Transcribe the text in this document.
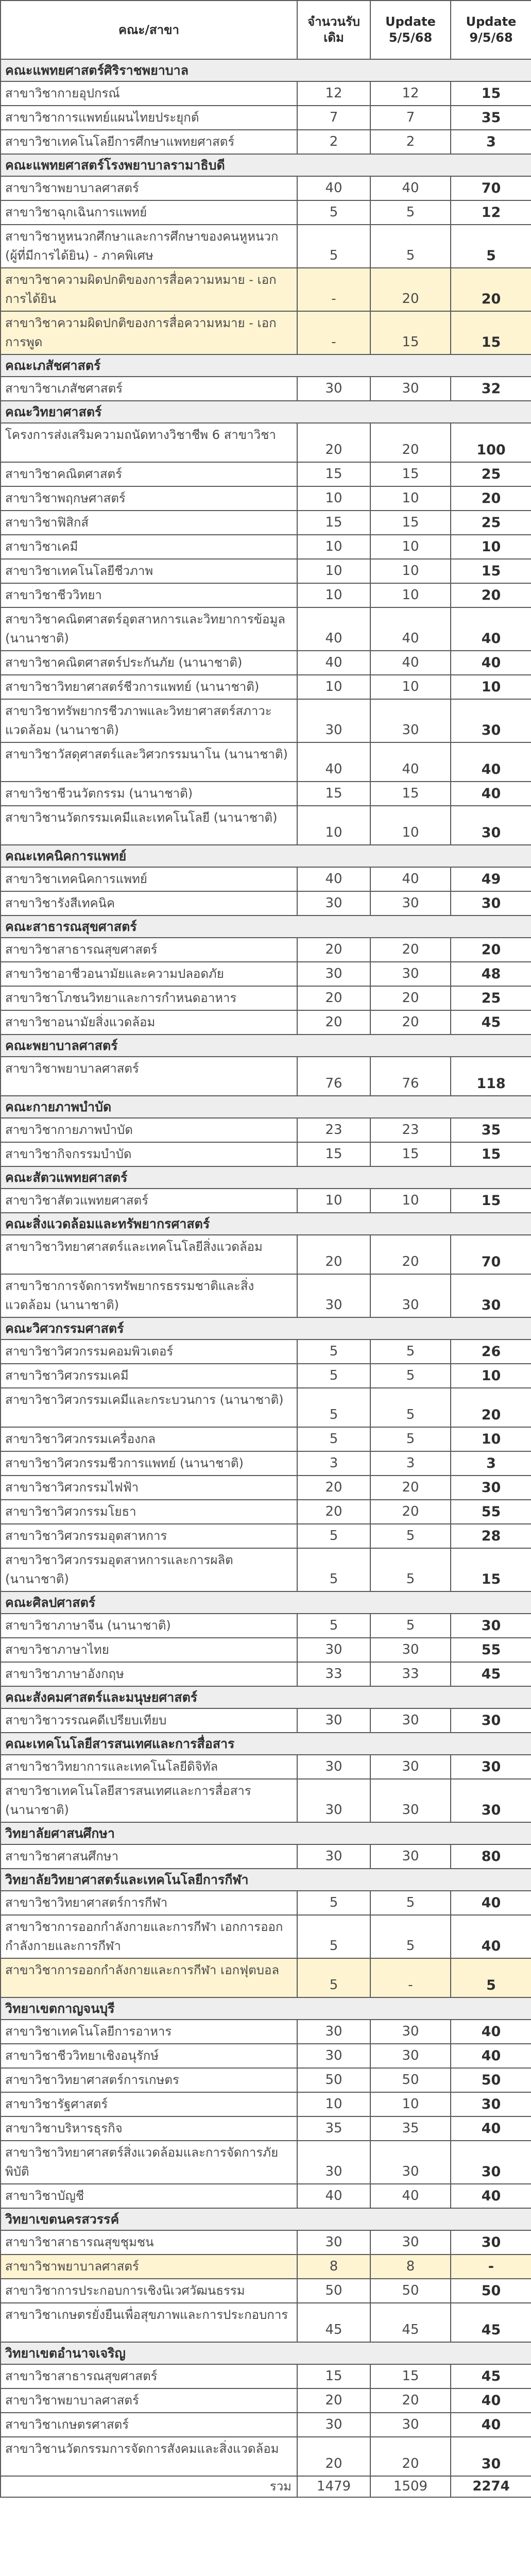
คณะ/สาขา	จำนวนรับเดิม	Update 5/5/68	Update 9/5/68
คณะแพทยศาสตร์ศิริราชพยาบาล			
สาขาวิชากายอุปกรณ์	12	12	15
สาขาวิชาการแพทย์แผนไทยประยุกต์	7	7	35
สาขาวิชาเทคโนโลยีการศึกษาแพทยศาสตร์	2	2	3
คณะแพทยศาสตร์โรงพยาบาลรามาธิบดี			
สาขาวิชาพยาบาลศาสตร์	40	40	70
สาขาวิชาฉุกเฉินการแพทย์	5	5	12
สาขาวิชาหูหนวกศึกษาและการศึกษาของคนหูหนวก (ผู้ที่มีการได้ยิน) - ภาคพิเศษ	5	5	5
สาขาวิชาความผิดปกติของการสื่อความหมาย - เอกการได้ยิน	-	20	20
สาขาวิชาความผิดปกติของการสื่อความหมาย - เอกการพูด	-	15	15
คณะเภสัชศาสตร์			
สาขาวิชาเภสัชศาสตร์	30	30	32
คณะวิทยาศาสตร์			
โครงการส่งเสริมความถนัดทางวิชาชีพ 6 สาขาวิชา	20	20	100
สาขาวิชาคณิตศาสตร์	15	15	25
สาขาวิชาพฤกษศาสตร์	10	10	20
สาขาวิชาฟิสิกส์	15	15	25
สาขาวิชาเคมี	10	10	10
สาขาวิชาเทคโนโลยีชีวภาพ	10	10	15
สาขาวิชาชีววิทยา	10	10	20
สาขาวิชาคณิตศาสตร์อุตสาหการและวิทยาการข้อมูล (นานาชาติ)	40	40	40
สาขาวิชาคณิตศาสตร์ประกันภัย (นานาชาติ)	40	40	40
สาขาวิชาวิทยาศาสตร์ชีวการแพทย์ (นานาชาติ)	10	10	10
สาขาวิชาทรัพยากรชีวภาพและวิทยาศาสตร์สภาวะแวดล้อม (นานาชาติ)	30	30	30
สาขาวิชาวัสดุศาสตร์และวิศวกรรมนาโน (นานาชาติ)	40	40	40
สาขาวิชาชีวนวัตกรรม (นานาชาติ)	15	15	40
สาขาวิชานวัตกรรมเคมีและเทคโนโลยี (นานาชาติ)	10	10	30
คณะเทคนิคการแพทย์			
สาขาวิชาเทคนิคการแพทย์	40	40	49
สาขาวิชารังสีเทคนิค	30	30	30
คณะสาธารณสุขศาสตร์			
สาขาวิชาสาธารณสุขศาสตร์	20	20	20
สาขาวิชาอาชีวอนามัยและความปลอดภัย	30	30	48
สาขาวิชาโภชนวิทยาและการกำหนดอาหาร	20	20	25
สาขาวิชาอนามัยสิ่งแวดล้อม	20	20	45
คณะพยาบาลศาสตร์			
สาขาวิชาพยาบาลศาสตร์	76	76	118
คณะกายภาพบำบัด			
สาขาวิชากายภาพบำบัด	23	23	35
สาขาวิชากิจกรรมบำบัด	15	15	15
คณะสัตวแพทยศาสตร์			
สาขาวิชาสัตวแพทยศาสตร์	10	10	15
คณะสิ่งแวดล้อมและทรัพยากรศาสตร์			
สาขาวิชาวิทยาศาสตร์และเทคโนโลยีสิ่งแวดล้อม	20	20	70
สาขาวิชาการจัดการทรัพยากรธรรมชาติและสิ่งแวดล้อม (นานาชาติ)	30	30	30
คณะวิศวกรรมศาสตร์			
สาขาวิชาวิศวกรรมคอมพิวเตอร์	5	5	26
สาขาวิชาวิศวกรรมเคมี	5	5	10
สาขาวิชาวิศวกรรมเคมีและกระบวนการ (นานาชาติ)	5	5	20
สาขาวิชาวิศวกรรมเครื่องกล	5	5	10
สาขาวิชาวิศวกรรมชีวการแพทย์ (นานาชาติ)	3	3	3
สาขาวิชาวิศวกรรมไฟฟ้า	20	20	30
สาขาวิชาวิศวกรรมโยธา	20	20	55
สาขาวิชาวิศวกรรมอุตสาหการ	5	5	28
สาขาวิชาวิศวกรรมอุตสาหการและการผลิต (นานาชาติ)	5	5	15
คณะศิลปศาสตร์			
สาขาวิชาภาษาจีน (นานาชาติ)	5	5	30
สาขาวิชาภาษาไทย	30	30	55
สาขาวิชาภาษาอังกฤษ	33	33	45
คณะสังคมศาสตร์และมนุษยศาสตร์			
สาขาวิชาวรรณคดีเปรียบเทียบ	30	30	30
คณะเทคโนโลยีสารสนเทศและการสื่อสาร			
สาขาวิชาวิทยาการและเทคโนโลยีดิจิทัล	30	30	30
สาขาวิชาเทคโนโลยีสารสนเทศและการสื่อสาร (นานาชาติ)	30	30	30
วิทยาลัยศาสนศึกษา			
สาขาวิชาศาสนศึกษา	30	30	80
วิทยาลัยวิทยาศาสตร์และเทคโนโลยีการกีฬา			
สาขาวิชาวิทยาศาสตร์การกีฬา	5	5	40
สาขาวิชาการออกกำลังกายและการกีฬา เอกการออกกำลังกายและการกีฬา	5	5	40
สาขาวิชาการออกกำลังกายและการกีฬา เอกฟุตบอล	5	-	5
วิทยาเขตกาญจนบุรี			
สาขาวิชาเทคโนโลยีการอาหาร	30	30	40
สาขาวิชาชีววิทยาเชิงอนุรักษ์	30	30	40
สาขาวิชาวิทยาศาสตร์การเกษตร	50	50	50
สาขาวิชารัฐศาสตร์	10	10	30
สาขาวิชาบริหารธุรกิจ	35	35	40
สาขาวิชาวิทยาศาสตร์สิ่งแวดล้อมและการจัดการภัยพิบัติ	30	30	30
สาขาวิชาบัญชี	40	40	40
วิทยาเขตนครสวรรค์			
สาขาวิชาสาธารณสุขชุมชน	30	30	30
สาขาวิชาพยาบาลศาสตร์	8	8	-
สาขาวิชาการประกอบการเชิงนิเวศวัฒนธรรม	50	50	50
สาขาวิชาเกษตรยั่งยืนเพื่อสุขภาพและการประกอบการ	45	45	45
วิทยาเขตอำนาจเจริญ			
สาขาวิชาสาธารณสุขศาสตร์	15	15	45
สาขาวิชาพยาบาลศาสตร์	20	20	40
สาขาวิชาเกษตรศาสตร์	30	30	40
สาขาวิชานวัตกรรมการจัดการสังคมและสิ่งแวดล้อม	20	20	30
รวม	1479	1509	2274
